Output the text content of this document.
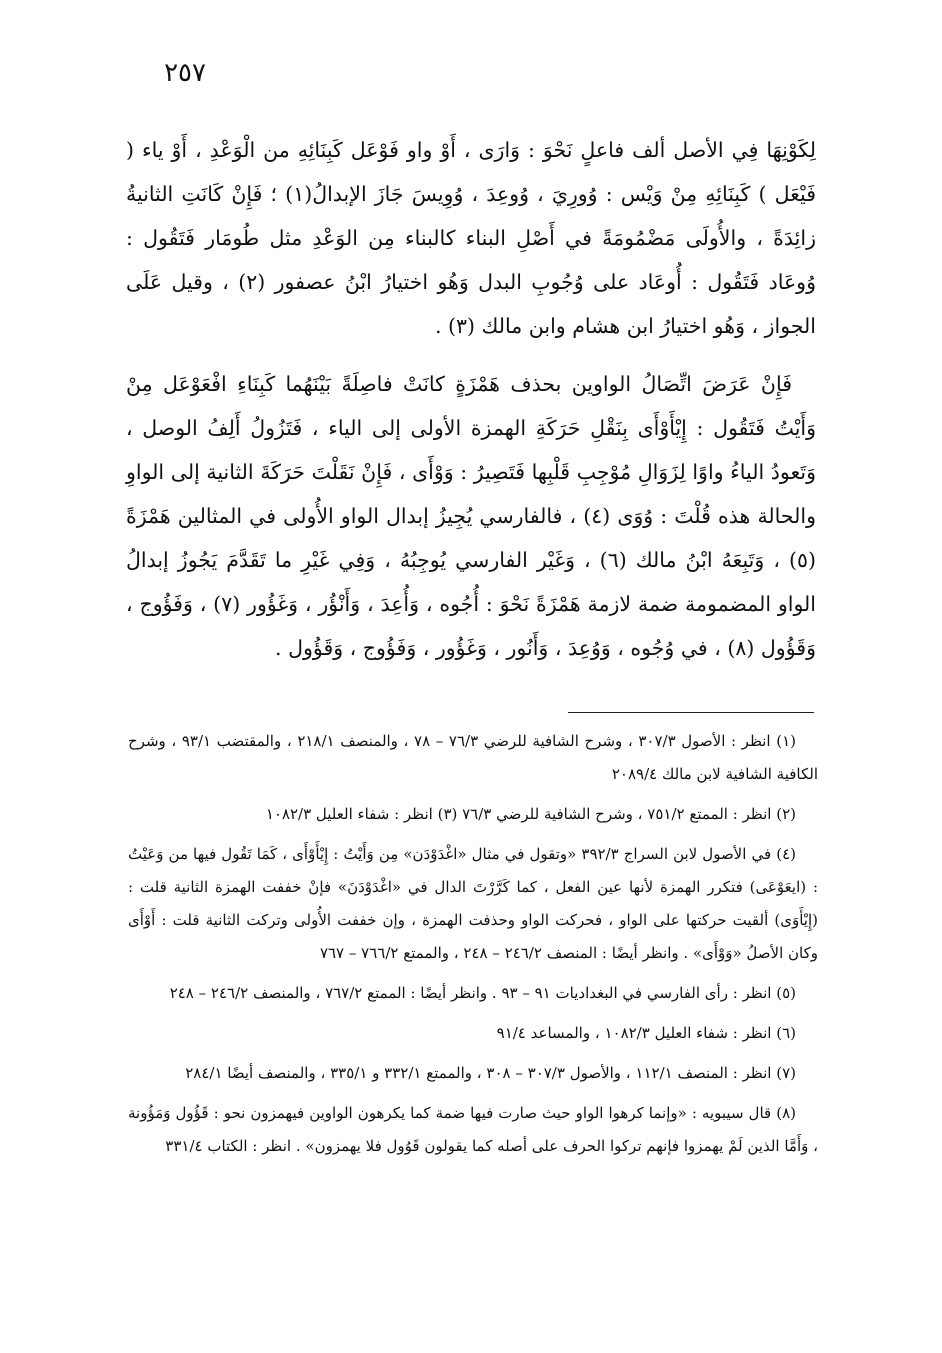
٢٥٧

لِكَوْنِهَا فِي الأصل ألف فاعلٍ نَحْوَ : وَارَى ، أَوْ واو فَوْعَل كَبِنَائِهِ من الْوَعْدِ ، أَوْ ياء ( فَيْعَل ) كَبِنَائِهِ مِنْ وَيْس : وُورِيَ ، وُوعِدَ ، وُوِيسَ جَازَ الإبدالُ(١) ؛ فَإِنْ كَانَتِ الثانيةُ زائِدَةً ، والأُولَى مَضْمُومَةً في أَصْلِ البناء كالبناء مِن الوَعْدِ مثل طُومَار فَتَقُول : وُوعَاد فَتَقُول : أُوعَاد على وُجُوبِ البدل وَهُو اختيارُ ابْنُ عصفور (٢) ، وقيل عَلَى الجواز ، وَهُو اختيارُ ابن هشام وابن مالك (٣) .

فَإِنْ عَرَضَ اتِّصَالُ الواوين بحذف هَمْزَةٍ كانَتْ فاصِلَةً بَيْنَهُما كَبِنَاءِ افْعَوْعَل مِنْ وَأَيْتُ فَتَقُول : إِيْأَوْأَى بِنَقْلِ حَرَكَةِ الهمزة الأولى إلى الياء ، فَتَزُولُ أَلِفُ الوصل ، وَتَعودُ الياءُ واوًا لِزَوَالِ مُوْجِبِ قَلْبِها فَتَصِيرُ : وَوْأَى ، فَإِنْ نَقَلْتَ حَرَكَةَ الثانية إلى الواوِ والحالة هذه قُلْتَ : وُوَى (٤) ، فالفارسي يُجِيزُ إبدال الواو الأُولى في المثالين هَمْزَةً (٥) ، وَتَبِعَهُ ابْنُ مالك (٦) ، وَغَيْر الفارسي يُوجِبُهُ ، وَفِي غَيْرِ ما تَقَدَّمَ يَجُوزُ إبدالُ الواو المضمومة ضمة لازمة هَمْزَةً نَحْوَ : أُجُوه ، وَأُعِدَ ، وَأَنْؤُر ، وَغَؤُور (٧) ، وَفَؤُوج ، وَقَؤُول (٨) ، في وُجُوه ، وَوُعِدَ ، وَأَنُور ، وَغَؤُور ، وَفَؤُوج ، وَقَؤُول .

(١) انظر : الأصول ٣٠٧/٣ ، وشرح الشافية للرضي ٧٦/٣ – ٧٨ ، والمنصف ٢١٨/١ ، والمقتضب ٩٣/١ ، وشرح الكافية الشافية لابن مالك ٢٠٨٩/٤

(٢) انظر : الممتع ٧٥١/٢ ، وشرح الشافية للرضي ٧٦/٣ (٣) انظر : شفاء العليل ١٠٨٢/٣

(٤) في الأصول لابن السراج ٣٩٢/٣ «وتقول في مثال «اغْدَوْدَن» مِن وَأَيْتُ : إِيْأَوْأَى ، كَمَا تَقُول فيها من وَعَيْتُ : (ايعَوْعَى) فتكرر الهمزة لأنها عين الفعل ، كما كَرَّرْتَ الدال في «اغْدَوْدَنَ» فإنْ خففت الهمزة الثانية قلت : (إِيْأَوَى) ألقيت حركتها على الواو ، فحركت الواو وحذفت الهمزة ، وإن خففت الأُولى وتركت الثانية قلت : أَوْأَى وكان الأصلُ «وَوْأَى» . وانظر أيضًا : المنصف ٢٤٦/٢ – ٢٤٨ ، والممتع ٧٦٦/٢ – ٧٦٧

(٥) انظر : رأى الفارسي في البغداديات ٩١ – ٩٣ . وانظر أيضًا : الممتع ٧٦٧/٢ ، والمنصف ٢٤٦/٢ – ٢٤٨

(٦) انظر : شفاء العليل ١٠٨٢/٣ ، والمساعد ٩١/٤

(٧) انظر : المنصف ١١٢/١ ، والأصول ٣٠٧/٣ – ٣٠٨ ، والممتع ٣٣٢/١ و ٣٣٥/١ ، والمنصف أيضًا ٢٨٤/١

(٨) قال سيبويه : «وإنما كرهوا الواو حيث صارت فيها ضمة كما يكرهون الواوين فيهمزون نحو : قَؤُول وَمَؤُونة ، وَأَمَّا الذين لَمْ يهمزوا فإنهم تركوا الحرف على أصله كما يقولون قَوُول فلا يهمزون» . انظر : الكتاب ٣٣١/٤
